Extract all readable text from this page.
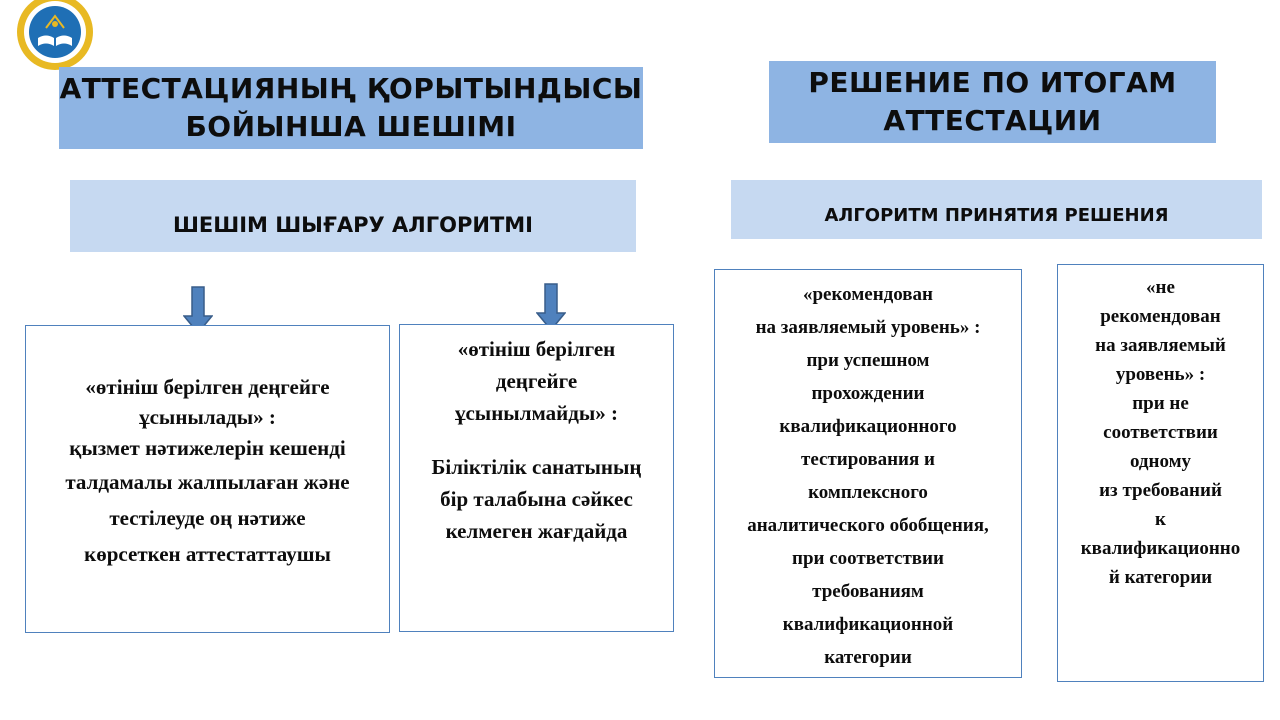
АТТЕСТАЦИЯНЫҢ ҚОРЫТЫНДЫСЫ
БОЙЫНША ШЕШІМІ
РЕШЕНИЕ ПО ИТОГАМ
АТТЕСТАЦИИ
ШЕШІМ ШЫҒАРУ АЛГОРИТМІ	АЛГОРИТМ ПРИНЯТИЯ РЕШЕНИЯ

«өтініш берілген деңгейге

ұсынылады» :

қызмет нәтижелерін кешенді

талдамалы жалпылаған және

тестілеуде оң нәтиже

көрсеткен аттестаттаушы

«өтініш берілген

деңгейге

ұсынылмайды» :

Біліктілік санатының

бір талабына сәйкес

келмеген жағдайда

«рекомендован

на заявляемый уровень» :

при успешном

прохождении

квалификационного

тестирования и

комплексного

аналитического обобщения,

при соответствии

требованиям

квалификационной

категории

«не

рекомендован

на заявляемый

уровень» :

при не

соответствии

одному

из требований

к

квалификационно

й категории
